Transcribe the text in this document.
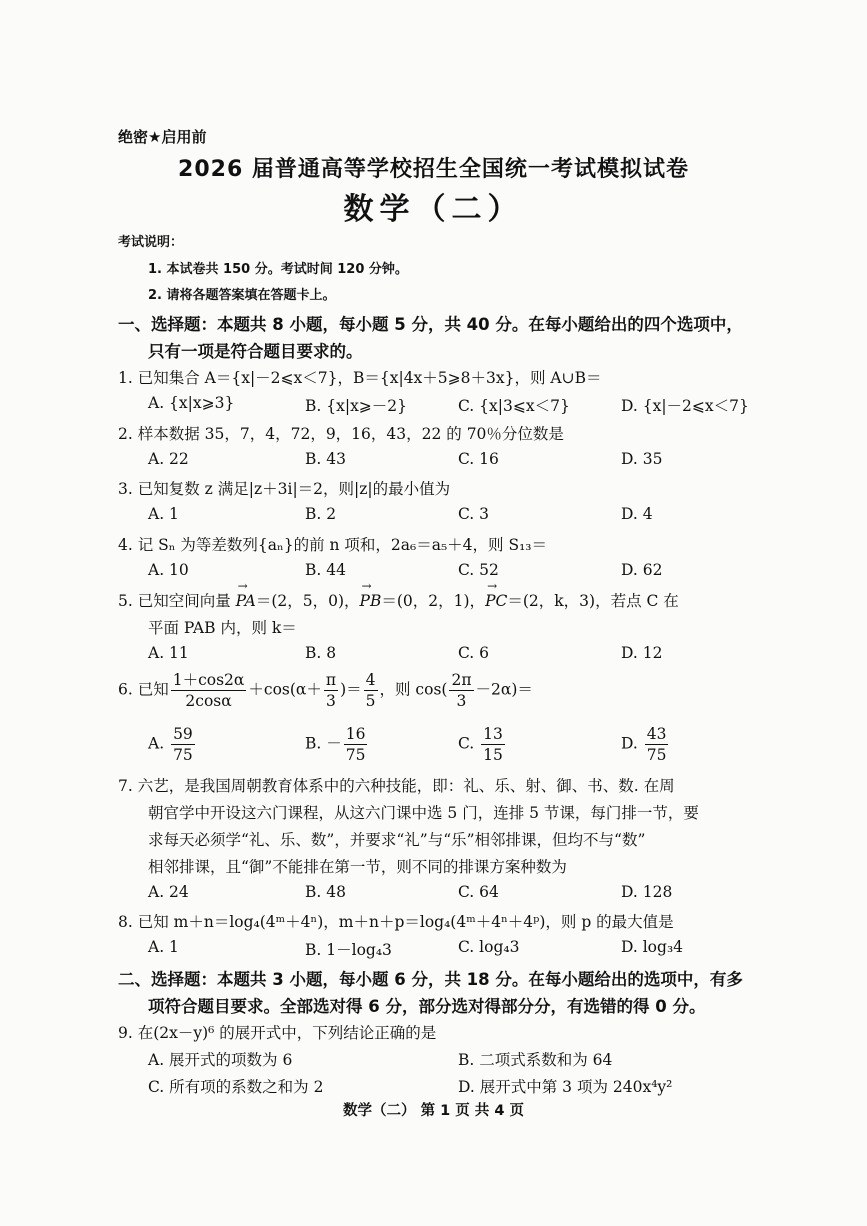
绝密★启用前
2026 届普通高等学校招生全国统一考试模拟试卷
数学（二）
考试说明：
1. 本试卷共 150 分。考试时间 120 分钟。
2. 请将各题答案填在答题卡上。
一、选择题：本题共 8 小题，每小题 5 分，共 40 分。在每小题给出的四个选项中，
只有一项是符合题目要求的。
1. 已知集合 A＝{x|－2⩽x＜7}，B＝{x|4x＋5⩾8＋3x}，则 A∪B＝
A. {x|x⩾3}	B. {x|x⩾－2}	C. {x|3⩽x＜7}	D. {x|－2⩽x＜7}
2. 样本数据 35，7，4，72，9，16，43，22 的 70％分位数是
A. 22	B. 43	C. 16	D. 35
3. 已知复数 z 满足|z＋3i|＝2，则|z|的最小值为
A. 1	B. 2	C. 3	D. 4
4. 记 Sₙ 为等差数列{aₙ}的前 n 项和，2a₆＝a₅＋4，则 S₁₃＝
A. 10	B. 44	C. 52	D. 62
5. 已知空间向量 → PA＝(2，5，0)，→ PB＝(0，2，1)，→ PC＝(2，k，3)，若点 C 在
平面 PAB 内，则 k＝
A. 11	B. 8	C. 6	D. 12
6. 已知 $\frac{1+\cos 2\alpha}{2\cos\alpha} +\cos(\alpha+ \frac{\pi}{3}$ )＝ $\frac{4}{5}$ ，则 $\cos( \frac{2\pi}{3} -2\alpha)=$
A. $\frac{59}{75}$	B. － $\frac{16}{75}$	C. $\frac{13}{15}$	D. $\frac{43}{75}$
7. 六艺，是我国周朝教育体系中的六种技能，即：礼、乐、射、御、书、数. 在周
朝官学中开设这六门课程，从这六门课中选 5 门，连排 5 节课，每门排一节，要
求每天必须学“礼、乐、数”，并要求“礼”与“乐”相邻排课，但均不与“数”
相邻排课，且“御”不能排在第一节，则不同的排课方案种数为
A. 24	B. 48	C. 64	D. 128
8. 已知 m＋n＝log₄(4ᵐ＋4ⁿ)，m＋n＋p＝log₄(4ᵐ＋4ⁿ＋4ᵖ)，则 p 的最大值是
A. 1	B. 1－log₄3	C. log₄3	D. log₃4
二、选择题：本题共 3 小题，每小题 6 分，共 18 分。在每小题给出的选项中，有多
项符合题目要求。全部选对得 6 分，部分选对得部分分，有选错的得 0 分。
9. 在(2x－y)⁶ 的展开式中，下列结论正确的是
A. 展开式的项数为 6	B. 二项式系数和为 64
C. 所有项的系数之和为 2	D. 展开式中第 3 项为 240x⁴y²
数学（二） 第 1 页 共 4 页
